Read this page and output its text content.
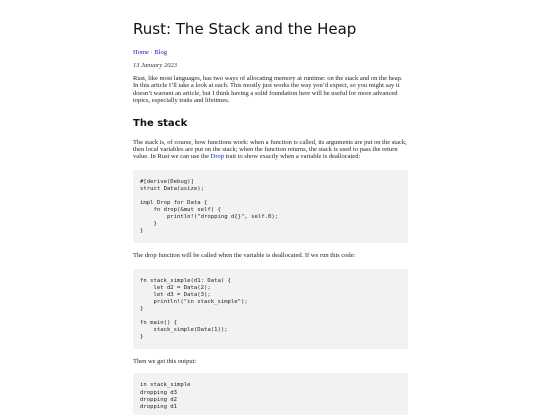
Rust: The Stack and the Heap
Home · Blog
13 January 2023

Rust, like most languages, has two ways of allocating memory at runtime: on the stack and on the heap. In this article I’ll take a look at each. This mostly just works the way you’d expect, so you might say it doesn’t warrant an article, but I think having a solid foundation here will be useful for more advanced topics, especially traits and lifetimes.

The stack

The stack is, of course, how functions work: when a function is called, its arguments are put on the stack, then local variables are put on the stack; when the function returns, the stack is used to pass the return value. In Rust we can use the Drop trait to show exactly when a variable is deallocated:

#[derive(Debug)]
struct Data(usize);

impl Drop for Data {
fn drop(&mut self) {
println!("dropping d{}", self.0);
}
}

The drop function will be called when the variable is deallocated. If we run this code:

fn stack_simple(d1: Data) {
let d2 = Data(2);
let d3 = Data(3);
println!("in stack_simple");
}

fn main() {
stack_simple(Data(1));
}

Then we get this output:

in stack_simple
dropping d3
dropping d2
dropping d1
